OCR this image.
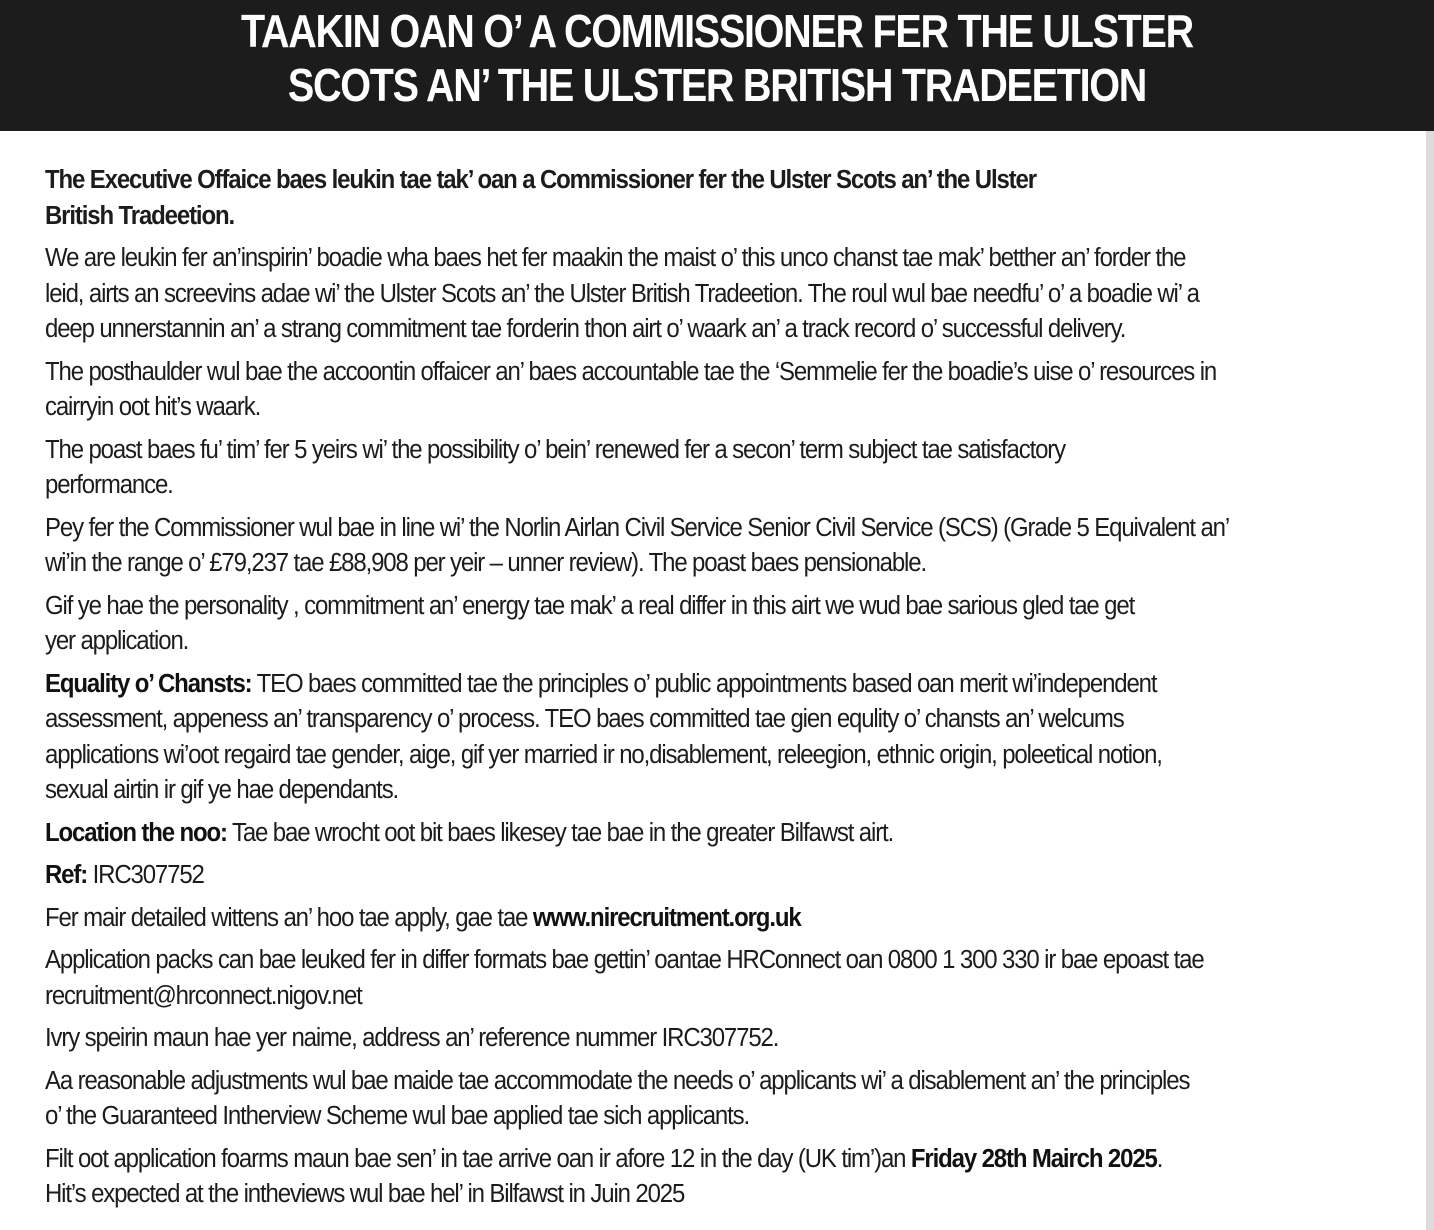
TAAKIN OAN O’ A COMMISSIONER FER THE ULSTER
SCOTS AN’ THE ULSTER BRITISH TRADEETION

The Executive Offaice baes leukin tae tak’ oan a Commissioner fer the Ulster Scots an’ the Ulster
British Tradeetion.

We are leukin fer an’inspirin’ boadie wha baes het fer maakin the maist o’ this unco chanst tae mak’ betther an’ forder the
leid, airts an screevins adae wi’ the Ulster Scots an’ the Ulster British Tradeetion. The roul wul bae needfu’ o’ a boadie wi’ a
deep unnerstannin an’ a strang commitment tae forderin thon airt o’ waark an’ a track record o’ successful delivery.

The posthaulder wul bae the accoontin offaicer an’ baes accountable tae the ‘Semmelie fer the boadie’s uise o’ resources in
cairryin oot hit’s waark.

The poast baes fu’ tim’ fer 5 yeirs wi’ the possibility o’ bein’ renewed fer a secon’ term subject tae satisfactory
performance.

Pey fer the Commissioner wul bae in line wi’ the Norlin Airlan Civil Service Senior Civil Service (SCS) (Grade 5 Equivalent an’
wi’in the range o’ £79,237 tae £88,908 per yeir – unner review). The poast baes pensionable.

Gif ye hae the personality , commitment an’ energy tae mak’ a real differ in this airt we wud bae sarious gled tae get
yer application.

Equality o’ Chansts: TEO baes committed tae the principles o’ public appointments based oan merit wi’independent
assessment, appeness an’ transparency o’ process. TEO baes committed tae gien equlity o’ chansts an’ welcums
applications wi’oot regaird tae gender, aige, gif yer married ir no,disablement, releegion, ethnic origin, poleetical notion,
sexual airtin ir gif ye hae dependants.

Location the noo: Tae bae wrocht oot bit baes likesey tae bae in the greater Bilfawst airt.

Ref: IRC307752

Fer mair detailed wittens an’ hoo tae apply, gae tae www.nirecruitment.org.uk

Application packs can bae leuked fer in differ formats bae gettin’ oantae HRConnect oan 0800 1 300 330 ir bae epoast tae
recruitment@hrconnect.nigov.net

Ivry speirin maun hae yer naime, address an’ reference nummer IRC307752.

Aa reasonable adjustments wul bae maide tae accommodate the needs o’ applicants wi’ a disablement an’ the principles
o’ the Guaranteed Intherview Scheme wul bae applied tae sich applicants.

Filt oot application foarms maun bae sen’ in tae arrive oan ir afore 12 in the day (UK tim’)an Friday 28th Mairch 2025.
Hit’s expected at the intheviews wul bae hel’ in Bilfawst in Juin 2025
